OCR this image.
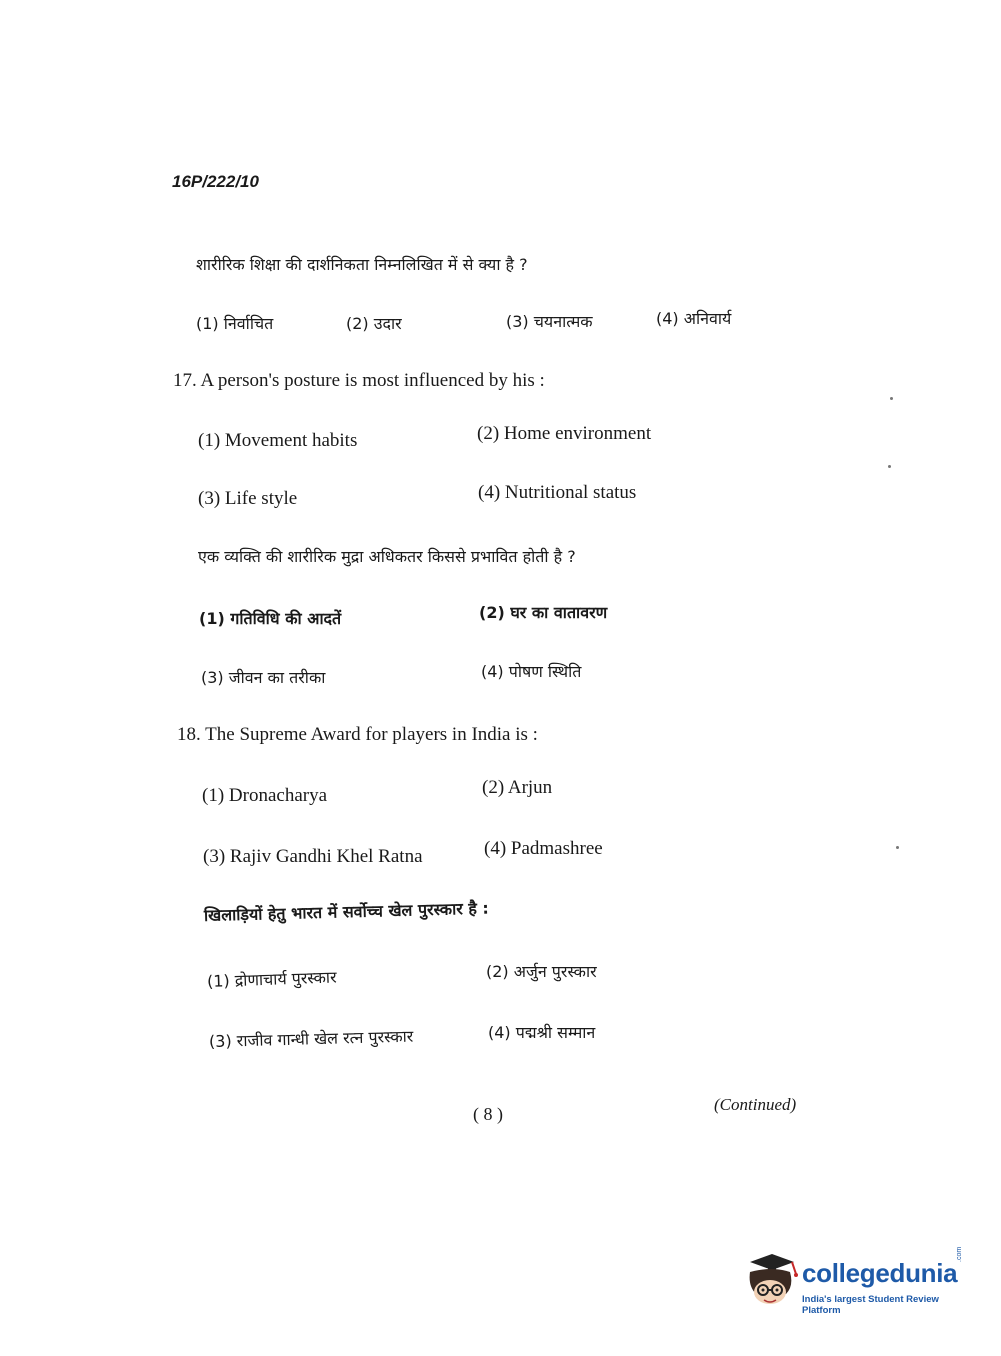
16P/222/10
शारीरिक शिक्षा की दार्शनिकता निम्नलिखित में से क्या है ?
(1) निर्वाचित	(2) उदार	(3) चयनात्मक	(4) अनिवार्य
17. A person's posture is most influenced by his :
(1) Movement habits	(2) Home environment
(3) Life style	(4) Nutritional status
एक व्यक्ति की शारीरिक मुद्रा अधिकतर किससे प्रभावित होती है ?
(1) गतिविधि की आदतें	(2) घर का वातावरण
(3) जीवन का तरीका	(4) पोषण स्थिति
18. The Supreme Award for players in India is :
(1) Dronacharya	(2) Arjun
(3) Rajiv Gandhi Khel Ratna	(4) Padmashree
खिलाड़ियों हेतु भारत में सर्वोच्च खेल पुरस्कार है :
(1) द्रोणाचार्य पुरस्कार	(2) अर्जुन पुरस्कार
(3) राजीव गान्धी खेल रत्न पुरस्कार	(4) पद्मश्री सम्मान
( 8 )	(Continued)
collegedunia
.com
India's largest Student Review Platform
